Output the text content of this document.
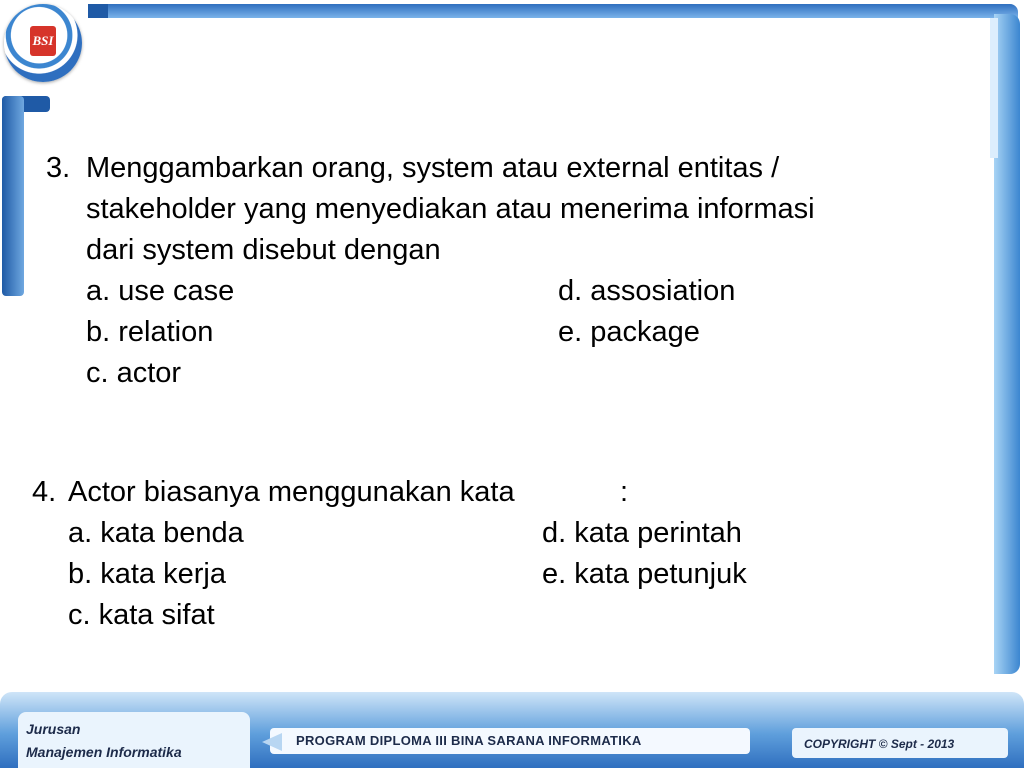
BSI
3. Menggambarkan orang, system atau external entitas /
stakeholder yang menyediakan atau menerima informasi
dari system disebut dengan
a. use case
b. relation
c. actor
d. assosiation
e. package
4. Actor biasanya menggunakan kata	:
a. kata benda
b. kata kerja
c. kata sifat
d. kata perintah
e. kata petunjuk
Jurusan
Manajemen Informatika
PROGRAM DIPLOMA III BINA SARANA INFORMATIKA	COPYRIGHT © Sept - 2013
